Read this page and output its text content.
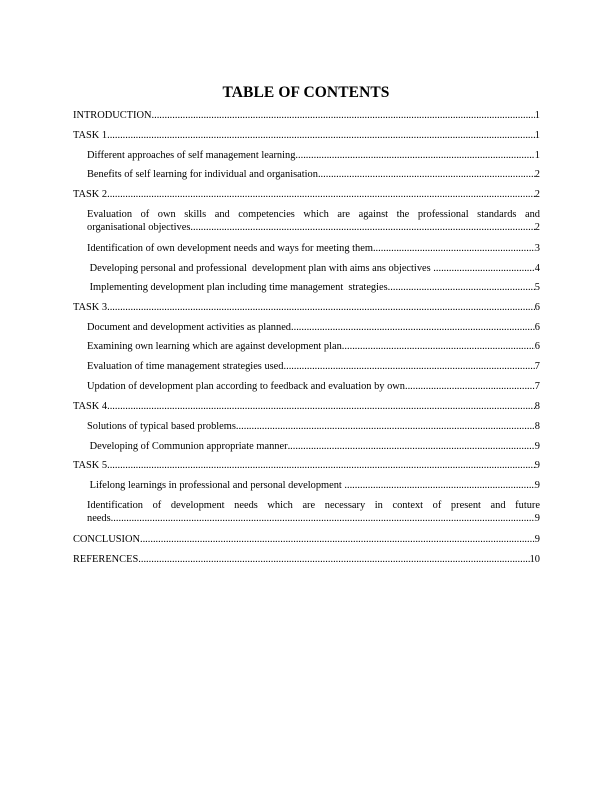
TABLE OF CONTENTS
INTRODUCTION .....	1
TASK 1 .....	1
Different approaches of self management learning .....	1
Benefits of self learning for individual and organisation .....	2
TASK 2 .....	2
Evaluation of own skills and competencies which are against the professional standards and
organisational objectives .....	2
Identification of own development needs and ways for meeting them .....	3
Developing personal and professional  development plan with aims ans objectives .....	4
Implementing development plan including time management  strategies .....	5
TASK 3 .....	6
Document and development activities as planned .....	6
Examining own learning which are against development plan .....	6
Evaluation of time management strategies used .....	7
Updation of development plan according to feedback and evaluation by own .....	7
TASK 4 .....	8
Solutions of typical based problems .....	8
Developing of Communion appropriate manner .....	9
TASK 5 .....	9
Lifelong learnings in professional and personal development .....	9
Identification of development needs which are necessary in context of present and future
needs .....	9
CONCLUSION .....	9
REFERENCES .....	10
